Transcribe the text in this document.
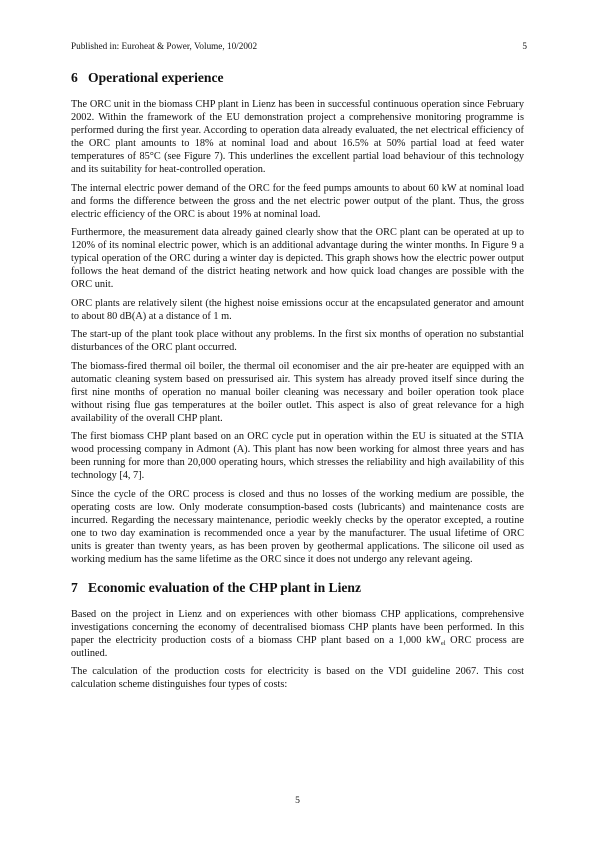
Published in: Euroheat & Power, Volume, 10/2002	5
6 Operational experience

The ORC unit in the biomass CHP plant in Lienz has been in successful continuous operation since February 2002. Within the framework of the EU demonstration project a comprehensive monitoring programme is performed during the first year. According to operation data already evaluated, the net electrical efficiency of the ORC plant amounts to 18% at nominal load and about 16.5% at 50% partial load at feed water temperatures of 85°C (see Figure 7). This underlines the excellent partial load behaviour of this technology and its suitability for heat-controlled operation.

The internal electric power demand of the ORC for the feed pumps amounts to about 60 kW at nominal load and forms the difference between the gross and the net electric power output of the plant. Thus, the gross electric efficiency of the ORC is about 19% at nominal load.

Furthermore, the measurement data already gained clearly show that the ORC plant can be operated at up to 120% of its nominal electric power, which is an additional advantage during the winter months. In Figure 9 a typical operation of the ORC during a winter day is depicted. This graph shows how the electric power output follows the heat demand of the district heating network and how quick load changes are possible with the ORC unit.

ORC plants are relatively silent (the highest noise emissions occur at the encapsulated generator and amount to about 80 dB(A) at a distance of 1 m.

The start-up of the plant took place without any problems. In the first six months of operation no substantial disturbances of the ORC plant occurred.

The biomass-fired thermal oil boiler, the thermal oil economiser and the air pre-heater are equipped with an automatic cleaning system based on pressurised air. This system has already proved itself since during the first nine months of operation no manual boiler cleaning was necessary and boiler operation took place without rising flue gas temperatures at the boiler outlet. This aspect is also of great relevance for a high availability of the overall CHP plant.

The first biomass CHP plant based on an ORC cycle put in operation within the EU is situated at the STIA wood processing company in Admont (A). This plant has now been working for almost three years and has been running for more than 20,000 operating hours, which stresses the reliability and high availability of this technology [4, 7].

Since the cycle of the ORC process is closed and thus no losses of the working medium are possible, the operating costs are low. Only moderate consumption-based costs (lubricants) and maintenance costs are incurred. Regarding the necessary maintenance, periodic weekly checks by the operator excepted, a routine one to two day examination is recommended once a year by the manufacturer. The usual lifetime of ORC units is greater than twenty years, as has been proven by geothermal applications. The silicone oil used as working medium has the same lifetime as the ORC since it does not undergo any relevant ageing.

7 Economic evaluation of the CHP plant in Lienz

Based on the project in Lienz and on experiences with other biomass CHP applications, comprehensive investigations concerning the economy of decentralised biomass CHP plants have been performed. In this paper the electricity production costs of a biomass CHP plant based on a 1,000 $kW_{el}$ ORC process are outlined.

The calculation of the production costs for electricity is based on the VDI guideline 2067. This cost calculation scheme distinguishes four types of costs:

5
